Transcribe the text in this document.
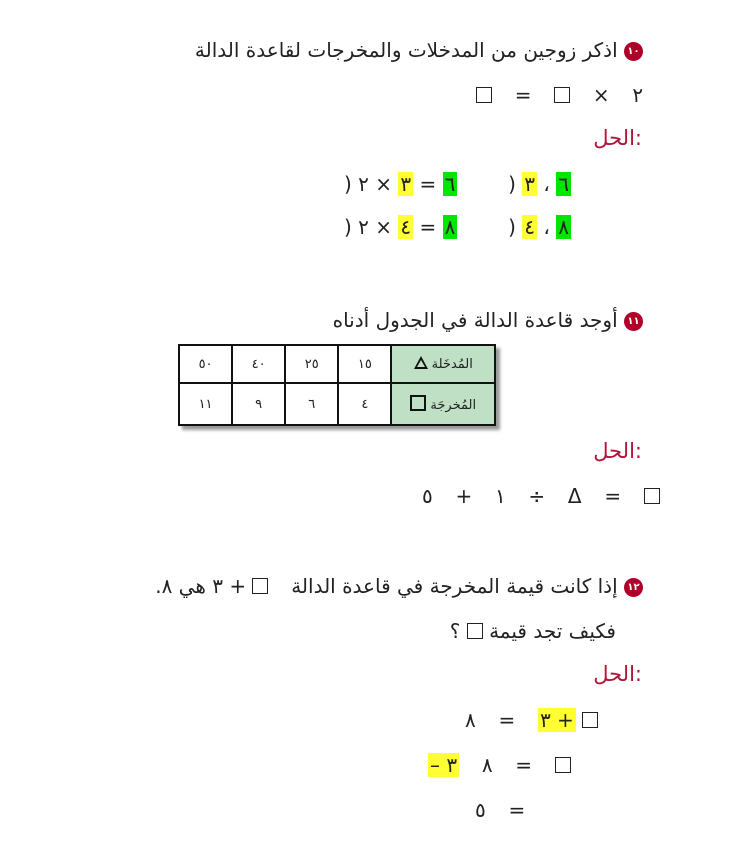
١٠ اذكر زوجين من المدخلات والمخرجات لقاعدة الدالة
=	× ٢
الحل:
)	٦ ، ٣ (  ٦ = ٣ × ٢
)	٨ ، ٤ (  ٨ = ٤ × ٢
١١ أوجد قاعدة الدالة في الجدول أدناه
٥٠	٤٠	٢٥	١٥	المُدخَلة
١١	٩	٦	٤	المُخرجَة
الحل:
١  +  ٥	÷ Δ =
١٢ إذا كانت قيمة المخرجة في قاعدة الدالة   + ٣ هي ٨.
فكيف تجد قيمة  ؟
الحل:
٨ = + ٣
٣ – ٨ =
٥ =
